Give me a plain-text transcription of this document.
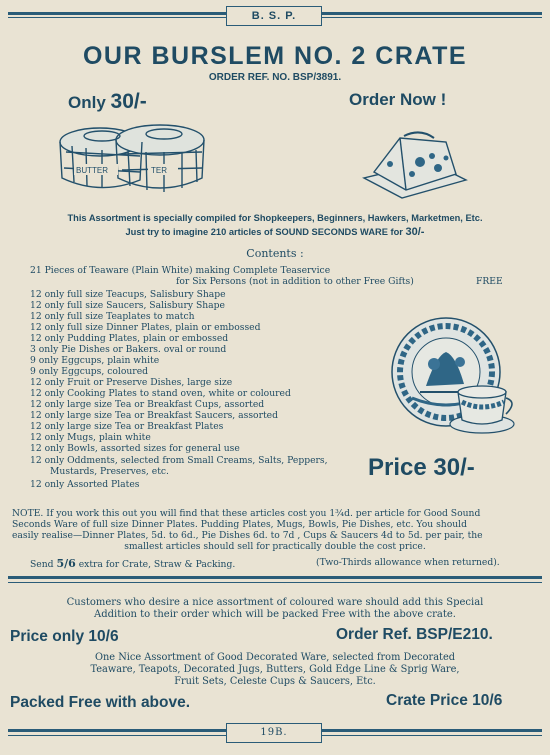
B. S. P.
OUR BURSLEM NO. 2 CRATE
ORDER REF. NO. BSP/3891.
Only 30/-	Order Now !
BUTTER	TER
This Assortment is specially compiled for Shopkeepers, Beginners, Hawkers, Marketmen, Etc.
Just try to imagine 210 articles of SOUND SECONDS WARE for 30/-
Contents :
21 Pieces of Teaware (Plain White) making Complete Teaservice
for Six Persons (not in addition to other Free Gifts)	FREE
12 only full size Teacups, Salisbury Shape
12 only full size Saucers, Salisbury Shape
12 only full size Teaplates to match
12 only full size Dinner Plates, plain or embossed
12 only Pudding Plates, plain or embossed
3 only Pie Dishes or Bakers. oval or round
9 only Eggcups, plain white
9 only Eggcups, coloured
12 only Fruit or Preserve Dishes, large size
12 only Cooking Plates to stand oven, white or coloured
12 only large size Tea or Breakfast Cups, assorted
12 only large size Tea or Breakfast Saucers, assorted
12 only large size Tea or Breakfast Plates
12 only Mugs, plain white
12 only Bowls, assorted sizes for general use
12 only Oddments, selected from Small Creams, Salts, Peppers,
Mustards, Preserves, etc.
12 only Assorted Plates
Price 30/-
NOTE. If you work this out you will find that these articles cost you 1¾d. per article for Good Sound
Seconds Ware of full size Dinner Plates. Pudding Plates, Mugs, Bowls, Pie Dishes, etc. You should
easily realise—Dinner Plates, 5d. to 6d., Pie Dishes 6d. to 7d , Cups & Saucers 4d to 5d. per pair, the
smallest articles should sell for practically double the cost price.
Send 5/6 extra for Crate, Straw & Packing.	(Two-Thirds allowance when returned).
Customers who desire a nice assortment of coloured ware should add this Special
Addition to their order which will be packed Free with the above crate.
Price only 10/6	Order Ref. BSP/E210.
One Nice Assortment of Good Decorated Ware, selected from Decorated
Teaware, Teapots, Decorated Jugs, Butters, Gold Edge Line & Sprig Ware,
Fruit Sets, Celeste Cups & Saucers, Etc.
Packed Free with above.	Crate Price 10/6
19B.
